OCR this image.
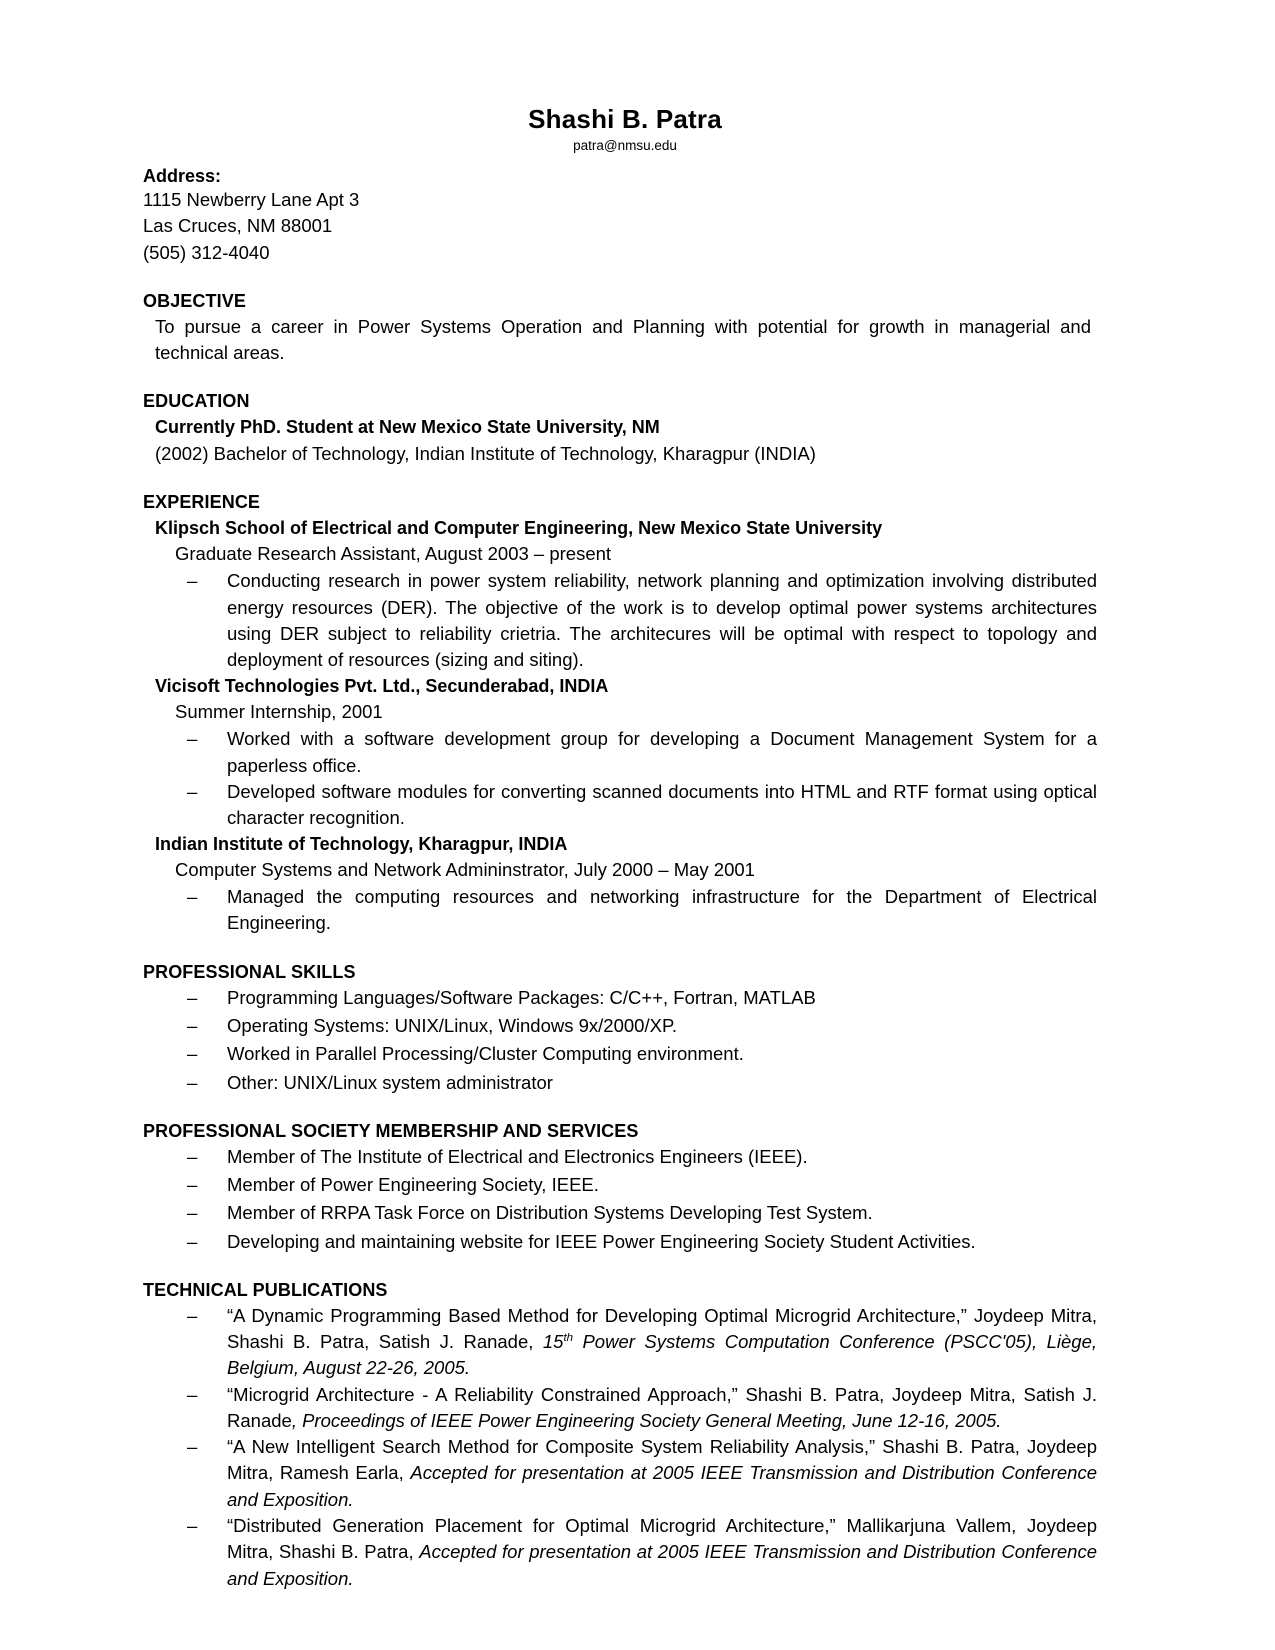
Shashi B. Patra
patra@nmsu.edu
Address:
1115 Newberry Lane Apt 3
Las Cruces, NM 88001
(505) 312-4040
OBJECTIVE
To pursue a career in Power Systems Operation and Planning with potential for growth in managerial and technical areas.
EDUCATION
Currently PhD. Student at New Mexico State University, NM
(2002) Bachelor of Technology, Indian Institute of Technology, Kharagpur (INDIA)
EXPERIENCE
Klipsch School of Electrical and Computer Engineering, New Mexico State University
Graduate Research Assistant, August 2003 – present
– Conducting research in power system reliability, network planning and optimization involving distributed energy resources (DER). The objective of the work is to develop optimal power systems architectures using DER subject to reliability crietria. The architecures will be optimal with respect to topology and deployment of resources (sizing and siting).
Vicisoft Technologies Pvt. Ltd., Secunderabad, INDIA
Summer Internship, 2001
– Worked with a software development group for developing a Document Management System for a paperless office.
– Developed software modules for converting scanned documents into HTML and RTF format using optical character recognition.
Indian Institute of Technology, Kharagpur, INDIA
Computer Systems and Network Admininstrator, July 2000 – May 2001
– Managed the computing resources and networking infrastructure for the Department of Electrical Engineering.
PROFESSIONAL SKILLS
– Programming Languages/Software Packages: C/C++, Fortran, MATLAB
– Operating Systems: UNIX/Linux, Windows 9x/2000/XP.
– Worked in Parallel Processing/Cluster Computing environment.
– Other: UNIX/Linux system administrator
PROFESSIONAL SOCIETY MEMBERSHIP AND SERVICES
– Member of The Institute of Electrical and Electronics Engineers (IEEE).
– Member of Power Engineering Society, IEEE.
– Member of RRPA Task Force on Distribution Systems Developing Test System.
– Developing and maintaining website for IEEE Power Engineering Society Student Activities.
TECHNICAL PUBLICATIONS
– “A Dynamic Programming Based Method for Developing Optimal Microgrid Architecture,” Joydeep Mitra, Shashi B. Patra, Satish J. Ranade, 15th Power Systems Computation Conference (PSCC'05), Liège, Belgium, August 22-26, 2005.
– “Microgrid Architecture - A Reliability Constrained Approach,” Shashi B. Patra, Joydeep Mitra, Satish J. Ranade, Proceedings of IEEE Power Engineering Society General Meeting, June 12-16, 2005.
– “A New Intelligent Search Method for Composite System Reliability Analysis,” Shashi B. Patra, Joydeep Mitra, Ramesh Earla, Accepted for presentation at 2005 IEEE Transmission and Distribution Conference and Exposition.
– “Distributed Generation Placement for Optimal Microgrid Architecture,” Mallikarjuna Vallem, Joydeep Mitra, Shashi B. Patra, Accepted for presentation at 2005 IEEE Transmission and Distribution Conference and Exposition.
